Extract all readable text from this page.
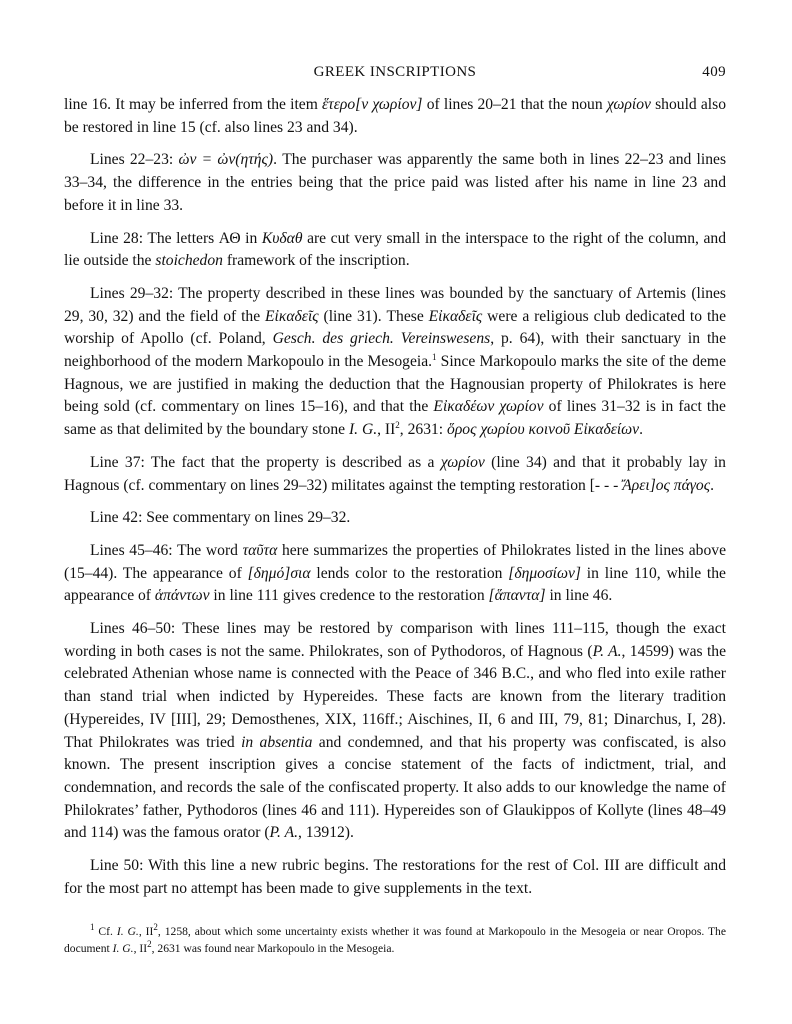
GREEK INSCRIPTIONS	409

line 16. It may be inferred from the item ἕτερο[ν χωρίον] of lines 20–21 that the noun χωρίον should also be restored in line 15 (cf. also lines 23 and 34).

Lines 22–23: ὠν = ὠν(ητής). The purchaser was apparently the same both in lines 22–23 and lines 33–34, the difference in the entries being that the price paid was listed after his name in line 23 and before it in line 33.

Line 28: The letters ΑΘ in Κυδαθ are cut very small in the interspace to the right of the column, and lie outside the stoichedon framework of the inscription.

Lines 29–32: The property described in these lines was bounded by the sanctuary of Artemis (lines 29, 30, 32) and the field of the Εἰκαδεῖς (line 31). These Εἰκαδεῖς were a religious club dedicated to the worship of Apollo (cf. Poland, Gesch. des griech. Vereinswesens, p. 64), with their sanctuary in the neighborhood of the modern Markopoulo in the Mesogeia.$^1$ Since Markopoulo marks the site of the deme Hagnous, we are justified in making the deduction that the Hagnousian property of Philokrates is here being sold (cf. commentary on lines 15–16), and that the Εἰκαδέων χωρίον of lines 31–32 is in fact the same as that delimited by the boundary stone I. G., $II^2$, 2631: ὅρος χωρίου κοινοῦ Εἰκαδείων.

Line 37: The fact that the property is described as a χωρίον (line 34) and that it probably lay in Hagnous (cf. commentary on lines 29–32) militates against the tempting restoration [- - - Ἄρει]ος πάγος.

Line 42: See commentary on lines 29–32.

Lines 45–46: The word ταῦτα here summarizes the properties of Philokrates listed in the lines above (15–44). The appearance of [δημό]σια lends color to the restoration [δημοσίων] in line 110, while the appearance of ἁπάντων in line 111 gives credence to the restoration [ἅπαντα] in line 46.

Lines 46–50: These lines may be restored by comparison with lines 111–115, though the exact wording in both cases is not the same. Philokrates, son of Pythodoros, of Hagnous (P. A., 14599) was the celebrated Athenian whose name is connected with the Peace of 346 B.C., and who fled into exile rather than stand trial when indicted by Hypereides. These facts are known from the literary tradition (Hypereides, IV [III], 29; Demosthenes, XIX, 116ff.; Aischines, II, 6 and III, 79, 81; Dinarchus, I, 28). That Philokrates was tried in absentia and condemned, and that his property was confiscated, is also known. The present inscription gives a concise statement of the facts of indictment, trial, and condemnation, and records the sale of the confiscated property. It also adds to our knowledge the name of Philokrates’ father, Pythodoros (lines 46 and 111). Hypereides son of Glaukippos of Kollyte (lines 48–49 and 114) was the famous orator (P. A., 13912).

Line 50: With this line a new rubric begins. The restorations for the rest of Col. III are difficult and for the most part no attempt has been made to give supplements in the text.

$^1$ Cf. I. G., $II^2$, 1258, about which some uncertainty exists whether it was found at Markopoulo in the Mesogeia or near Oropos. The document I. G., $II^2$, 2631 was found near Markopoulo in the Mesogeia.
